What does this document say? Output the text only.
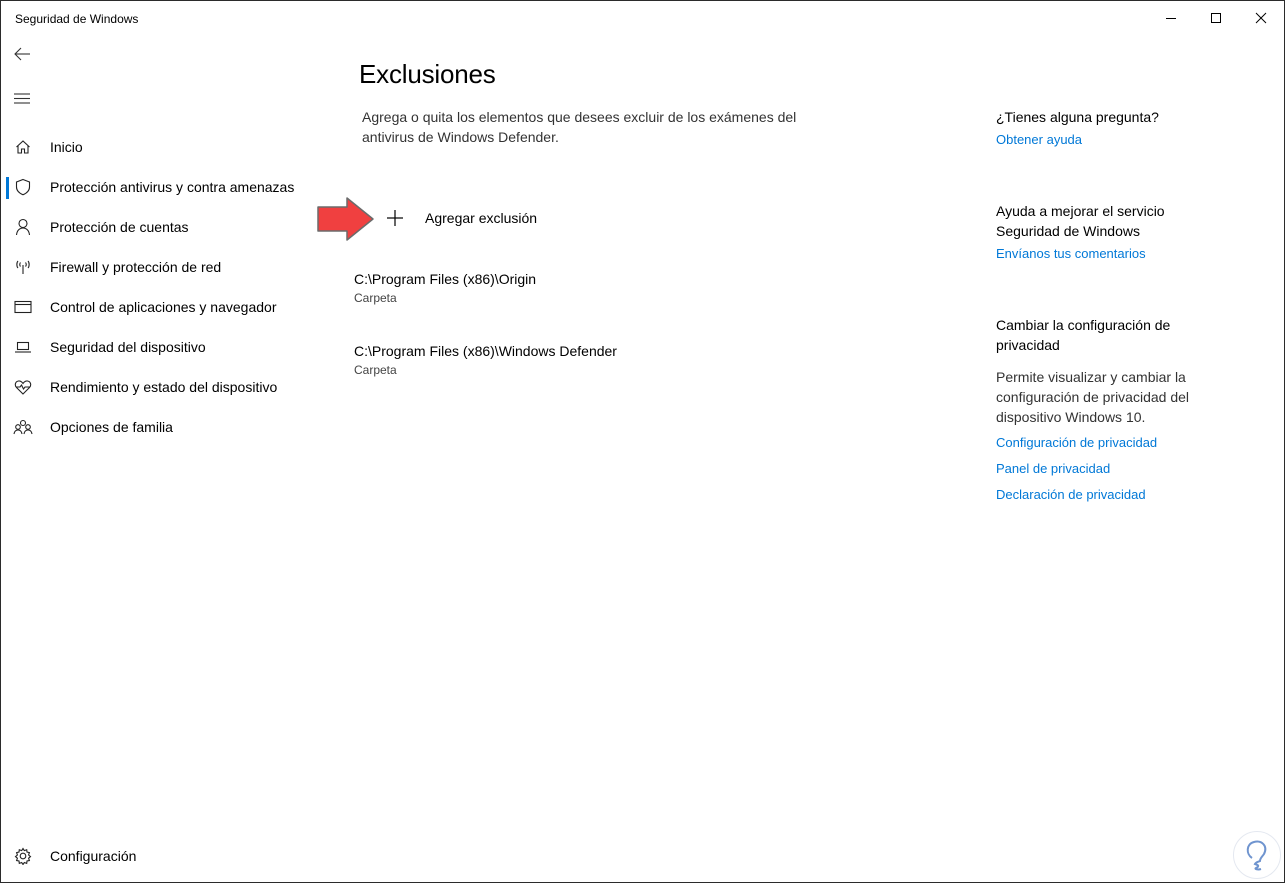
Seguridad de Windows
Inicio
Protección antivirus y contra amenazas
Protección de cuentas
Firewall y protección de red
Control de aplicaciones y navegador
Seguridad del dispositivo
Rendimiento y estado del dispositivo
Opciones de familia
Configuración
Exclusiones

Agrega o quita los elementos que desees excluir de los exámenes del antivirus de Windows Defender.

Agregar exclusión
C:\Program Files (x86)\Origin
Carpeta
C:\Program Files (x86)\Windows Defender
Carpeta
¿Tienes alguna pregunta?
Obtener ayuda
Ayuda a mejorar el servicio Seguridad de Windows
Envíanos tus comentarios
Cambiar la configuración de privacidad
Permite visualizar y cambiar la configuración de privacidad del dispositivo Windows 10.
Configuración de privacidad
Panel de privacidad
Declaración de privacidad
